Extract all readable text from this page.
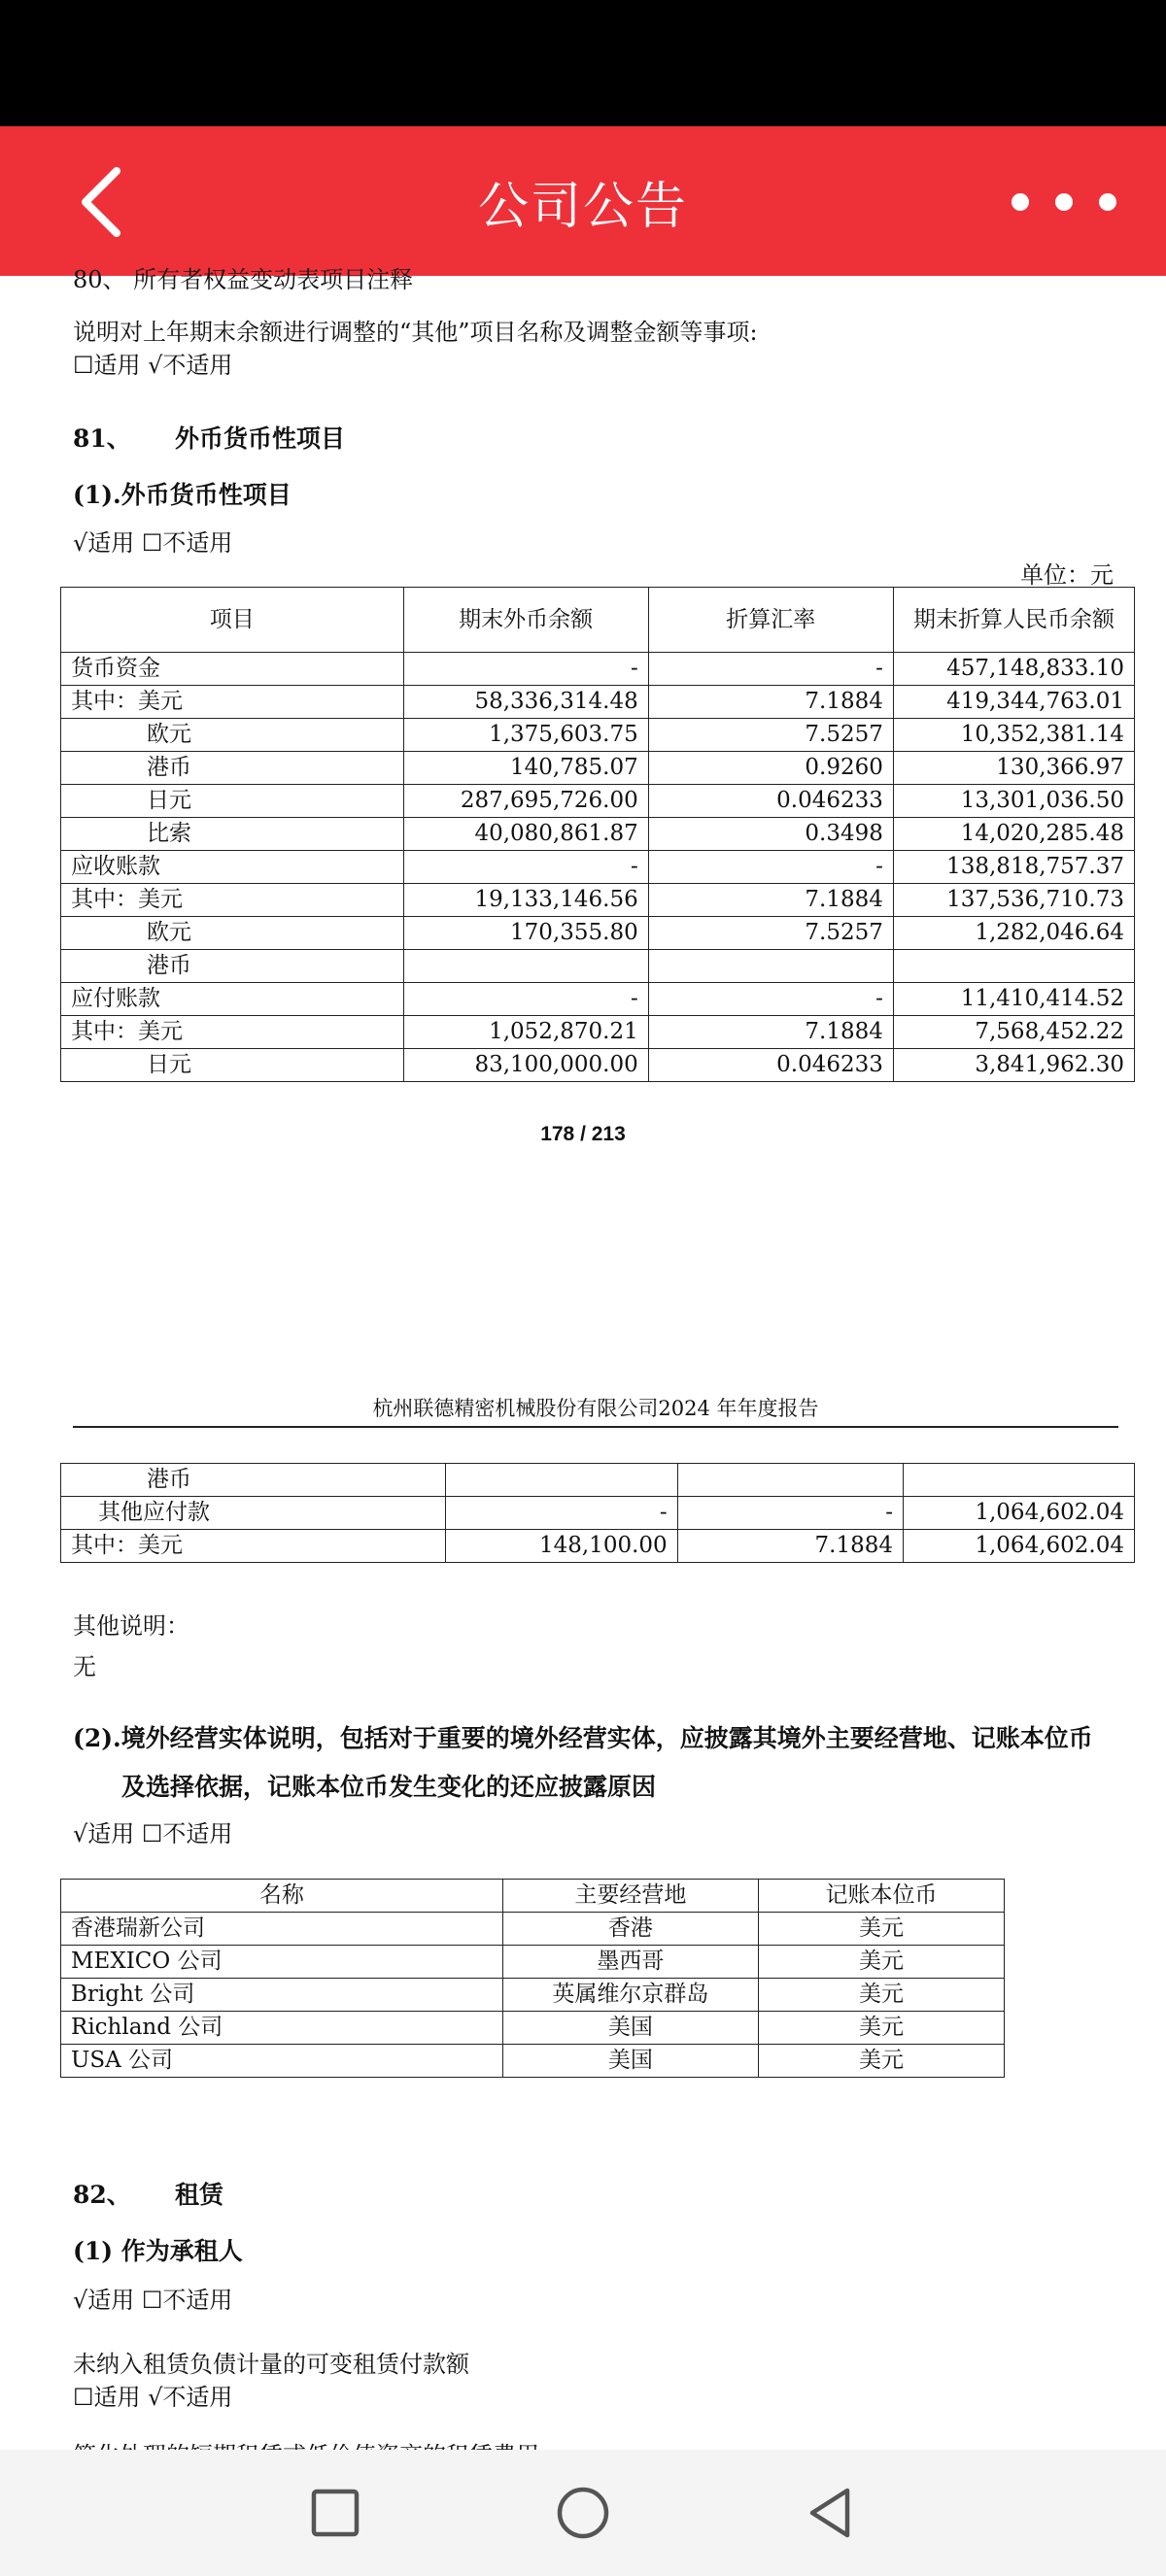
公司公告
80、 所有者权益变动表项目注释
说明对上年期末余额进行调整的“其他”项目名称及调整金额等事项:
☐适用 √不适用
81、 外币货币性项目
(1).外币货币性项目
√适用 ☐不适用
单位：元
项目	期末外币余额	折算汇率	期末折算人民币余额
货币资金	-	-	457,148,833.10
其中：美元	58,336,314.48	7.1884	419,344,763.01
欧元	1,375,603.75	7.5257	10,352,381.14
港币	140,785.07	0.9260	130,366.97
日元	287,695,726.00	0.046233	13,301,036.50
比索	40,080,861.87	0.3498	14,020,285.48
应收账款	-	-	138,818,757.37
其中：美元	19,133,146.56	7.1884	137,536,710.73
欧元	170,355.80	7.5257	1,282,046.64
港币			
应付账款	-	-	11,410,414.52
其中：美元	1,052,870.21	7.1884	7,568,452.22
日元	83,100,000.00	0.046233	3,841,962.30
178 / 213
杭州联德精密机械股份有限公司2024 年年度报告
港币			
其他应付款	-	-	1,064,602.04
其中：美元	148,100.00	7.1884	1,064,602.04
其他说明：
无
(2).境外经营实体说明，包括对于重要的境外经营实体，应披露其境外主要经营地、记账本位币
及选择依据，记账本位币发生变化的还应披露原因
√适用 ☐不适用
名称	主要经营地	记账本位币
香港瑞新公司	香港	美元
MEXICO 公司	墨西哥	美元
Bright 公司	英属维尔京群岛	美元
Richland 公司	美国	美元
USA 公司	美国	美元
82、 租赁
(1) 作为承租人
√适用 ☐不适用
未纳入租赁负债计量的可变租赁付款额
☐适用 √不适用
